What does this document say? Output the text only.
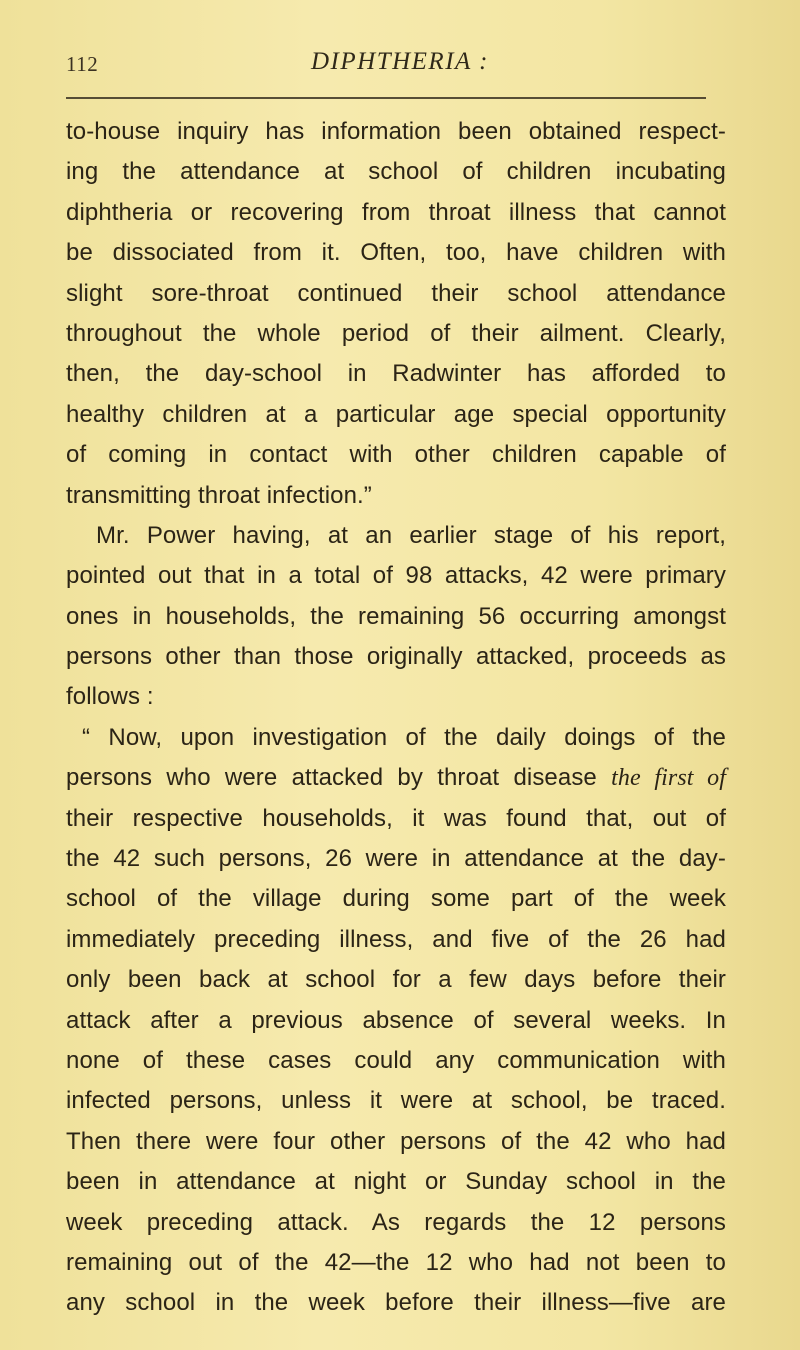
112	DIPHTHERIA :
to-house inquiry has information been obtained respect-
ing the attendance at school of children incubating
diphtheria or recovering from throat illness that cannot
be dissociated from it. Often, too, have children with
slight sore-throat continued their school attendance
throughout the whole period of their ailment. Clearly,
then, the day-school in Radwinter has afforded to
healthy children at a particular age special opportunity
of coming in contact with other children capable of
transmitting throat infection.”
Mr. Power having, at an earlier stage of his report,
pointed out that in a total of 98 attacks, 42 were primary
ones in households, the remaining 56 occurring amongst
persons other than those originally attacked, proceeds as
follows :
“ Now, upon investigation of the daily doings of the
persons who were attacked by throat disease the first of
their respective households, it was found that, out of
the 42 such persons, 26 were in attendance at the day-
school of the village during some part of the week
immediately preceding illness, and five of the 26 had
only been back at school for a few days before their
attack after a previous absence of several weeks. In
none of these cases could any communication with
infected persons, unless it were at school, be traced.
Then there were four other persons of the 42 who had
been in attendance at night or Sunday school in the
week preceding attack. As regards the 12 persons
remaining out of the 42—the 12 who had not been to
any school in the week before their illness—five are
